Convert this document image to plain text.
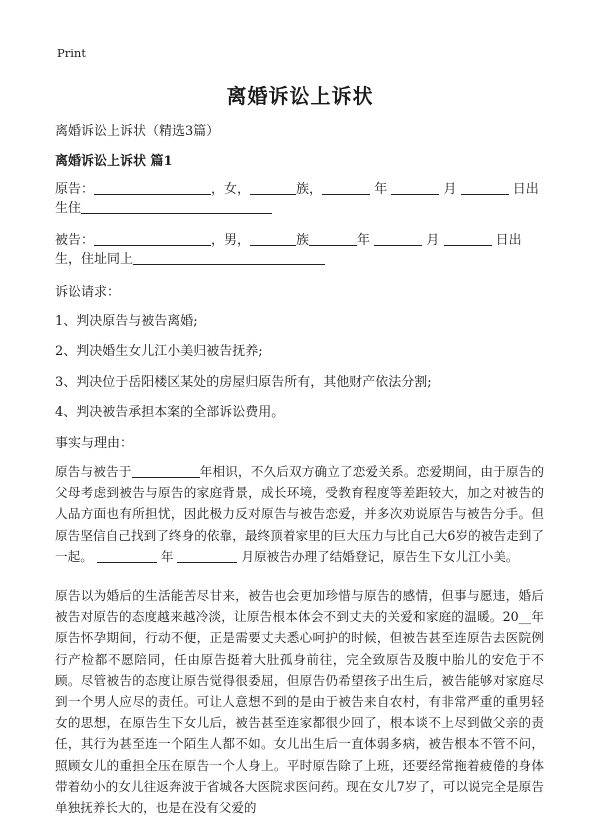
Print
离婚诉讼上诉状
离婚诉讼上诉状（精选3篇）
离婚诉讼上诉状 篇1
原告：	，女，	族，	年	月	日出
生住
被告：	，男，	族	年	月	日出
生，住址同上
诉讼请求：
1、判决原告与被告离婚;
2、判决婚生女儿江小美归被告抚养;
3、判决位于岳阳楼区某处的房屋归原告所有，其他财产依法分割;
4、判决被告承担本案的全部诉讼费用。
事实与理由：

原告与被告于	年相识，不久后双方确立了恋爱关系。恋爱期间，由于原告的父母考虑到被告与原告的家庭背景，成长环境，受教育程度等差距较大，加之对被告的人品方面也有所担忧，因此极力反对原告与被告恋爱，并多次劝说原告与被告分手。但原告坚信自己找到了终身的依靠，最终顶着家里的巨大压力与比自己大6岁的被告走到了一起。	年	月原被告办理了结婚登记，原告生下女儿江小美。

原告以为婚后的生活能苦尽甘来，被告也会更加珍惜与原告的感情，但事与愿违，婚后被告对原告的态度越来越冷淡，让原告根本体会不到丈夫的关爱和家庭的温暖。20__年原告怀孕期间，行动不便，正是需要丈夫悉心呵护的时候，但被告甚至连原告去医院例行产检都不愿陪同，任由原告挺着大肚孤身前往，完全致原告及腹中胎儿的安危于不顾。尽管被告的态度让原告觉得很委屈，但原告仍希望孩子出生后，被告能够对家庭尽到一个男人应尽的责任。可让人意想不到的是由于被告来自农村，有非常严重的重男轻女的思想，在原告生下女儿后，被告甚至连家都很少回了，根本谈不上尽到做父亲的责任，其行为甚至连一个陌生人都不如。女儿出生后一直体弱多病，被告根本不管不问，照顾女儿的重担全压在原告一个人身上。平时原告除了上班，还要经常拖着疲倦的身体带着幼小的女儿往返奔波于省城各大医院求医问药。现在女儿7岁了，可以说完全是原告单独抚养长大的，也是在没有父爱的
